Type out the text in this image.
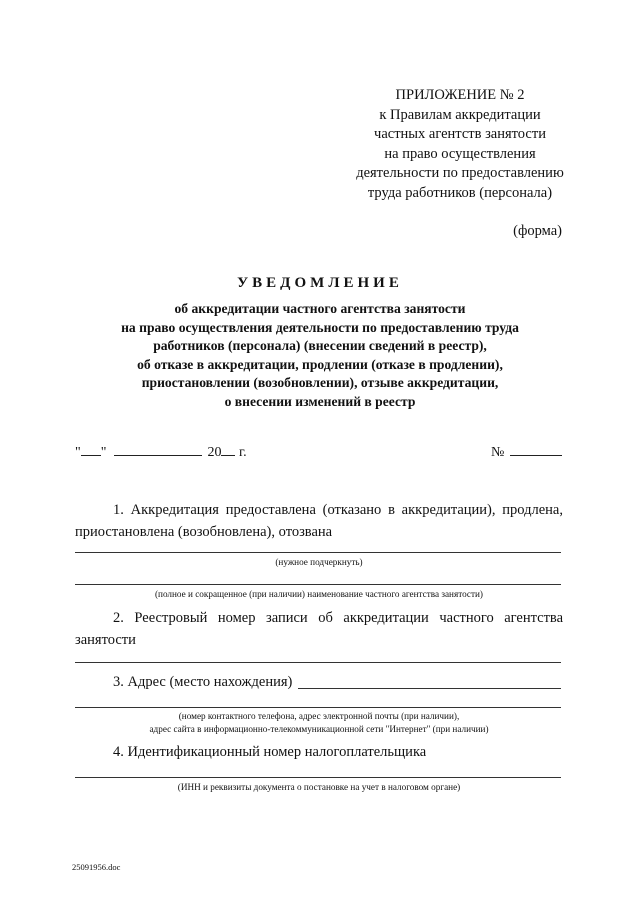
ПРИЛОЖЕНИЕ № 2
к Правилам аккредитации
частных агентств занятости
на право осуществления
деятельности по предоставлению
труда работников (персонала)
(форма)
УВЕДОМЛЕНИЕ
об аккредитации частного агентства занятости
на право осуществления деятельности по предоставлению труда
работников (персонала) (внесении сведений в реестр),
об отказе в аккредитации, продлении (отказе в продлении),
приостановлении (возобновлении), отзыве аккредитации,
о внесении изменений в реестр
" "	20 г.	№
1. Аккредитация предоставлена (отказано в аккредитации), продлена, приостановлена (возобновлена), отозвана
(нужное подчеркнуть)
(полное и сокращенное (при наличии) наименование частного агентства занятости)
2. Реестровый номер записи об аккредитации частного агентства занятости
3. Адрес (место нахождения)
(номер контактного телефона, адрес электронной почты (при наличии),
адрес сайта в информационно-телекоммуникационной сети "Интернет" (при наличии)
4. Идентификационный номер налогоплательщика
(ИНН и реквизиты документа о постановке на учет в налоговом органе)
25091956.doc
